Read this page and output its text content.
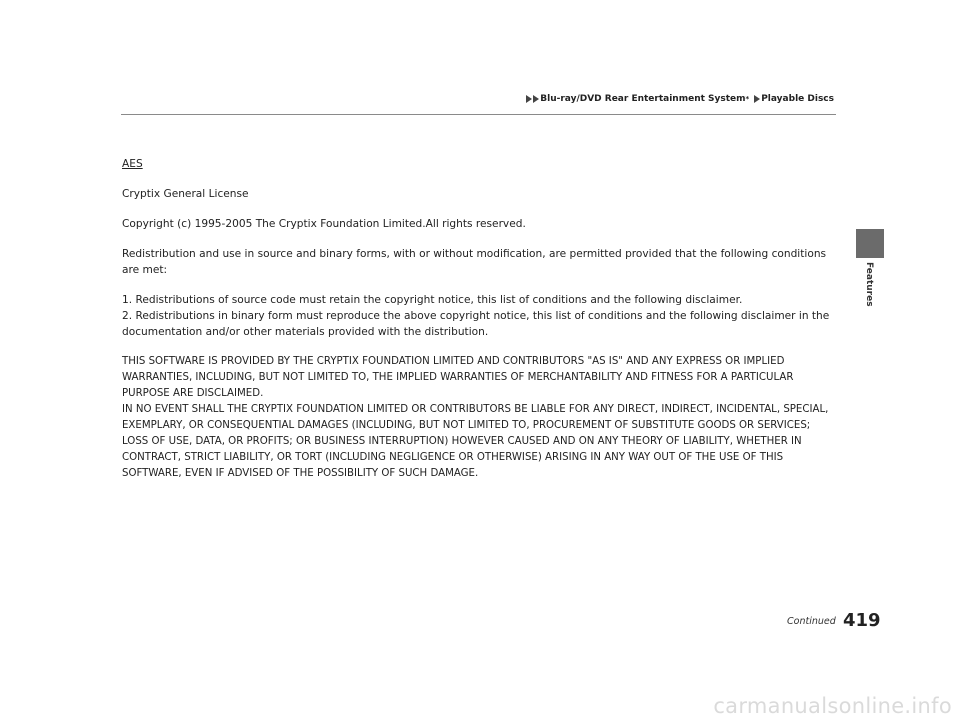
Blu-ray/DVD Rear Entertainment System * Playable Discs
Features

AES

Cryptix General License

Copyright (c) 1995-2005 The Cryptix Foundation Limited.All rights reserved.

Redistribution and use in source and binary forms, with or without modification, are permitted provided that the following conditions are met:

1. Redistributions of source code must retain the copyright notice, this list of conditions and the following disclaimer.

2. Redistributions in binary form must reproduce the above copyright notice, this list of conditions and the following disclaimer in the documentation and/or other materials provided with the distribution.

THIS SOFTWARE IS PROVIDED BY THE CRYPTIX FOUNDATION LIMITED AND CONTRIBUTORS "AS IS" AND ANY EXPRESS OR IMPLIED WARRANTIES, INCLUDING, BUT NOT LIMITED TO, THE IMPLIED WARRANTIES OF MERCHANTABILITY AND FITNESS FOR A PARTICULAR PURPOSE ARE DISCLAIMED.

IN NO EVENT SHALL THE CRYPTIX FOUNDATION LIMITED OR CONTRIBUTORS BE LIABLE FOR ANY DIRECT, INDIRECT, INCIDENTAL, SPECIAL, EXEMPLARY, OR CONSEQUENTIAL DAMAGES (INCLUDING, BUT NOT LIMITED TO, PROCUREMENT OF SUBSTITUTE GOODS OR SERVICES; LOSS OF USE, DATA, OR PROFITS; OR BUSINESS INTERRUPTION) HOWEVER CAUSED AND ON ANY THEORY OF LIABILITY, WHETHER IN CONTRACT, STRICT LIABILITY, OR TORT (INCLUDING NEGLIGENCE OR OTHERWISE) ARISING IN ANY WAY OUT OF THE USE OF THIS SOFTWARE, EVEN IF ADVISED OF THE POSSIBILITY OF SUCH DAMAGE.

Continued 419
carmanualsonline.info
